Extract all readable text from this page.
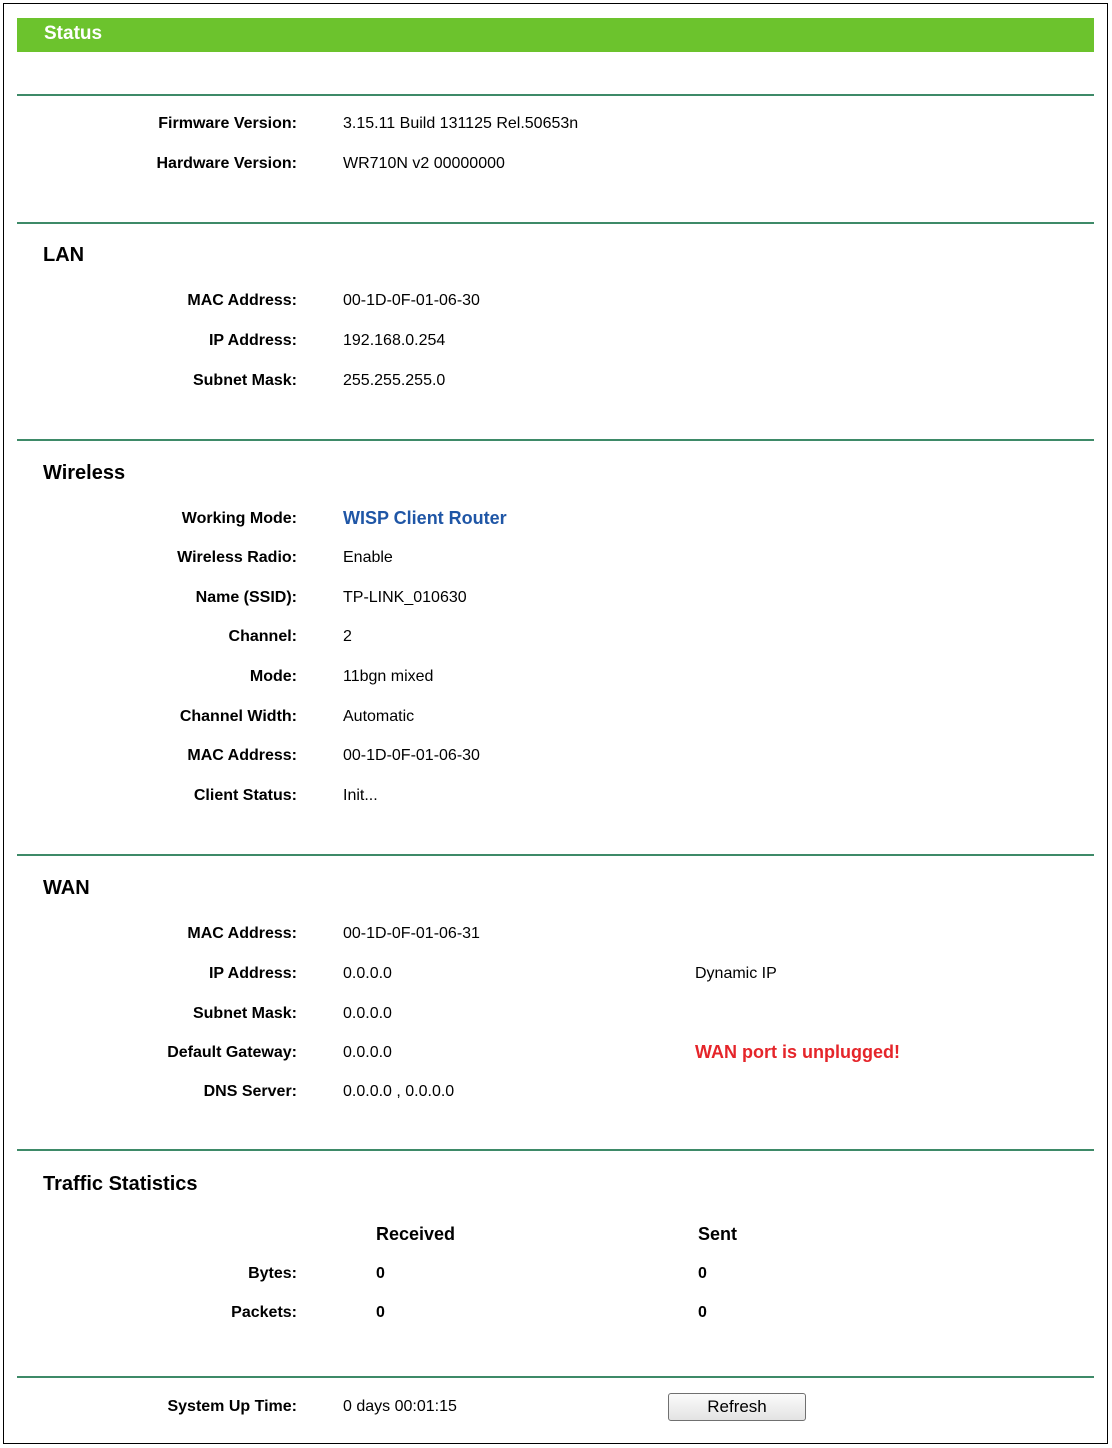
Status
Firmware Version:	3.15.11 Build 131125 Rel.50653n
Hardware Version:	WR710N v2 00000000
LAN
MAC Address:	00-1D-0F-01-06-30
IP Address:	192.168.0.254
Subnet Mask:	255.255.255.0
Wireless
Working Mode:	WISP Client Router
Wireless Radio:	Enable
Name (SSID):	TP-LINK_010630
Channel:	2
Mode:	11bgn mixed
Channel Width:	Automatic
MAC Address:	00-1D-0F-01-06-30
Client Status:	Init...
WAN
MAC Address:	00-1D-0F-01-06-31
IP Address:	0.0.0.0	Dynamic IP
Subnet Mask:	0.0.0.0
Default Gateway:	0.0.0.0	WAN port is unplugged!
DNS Server:	0.0.0.0 , 0.0.0.0
Traffic Statistics
Received	Sent
Bytes:	0	0
Packets:	0	0
System Up Time:	0 days 00:01:15	Refresh
